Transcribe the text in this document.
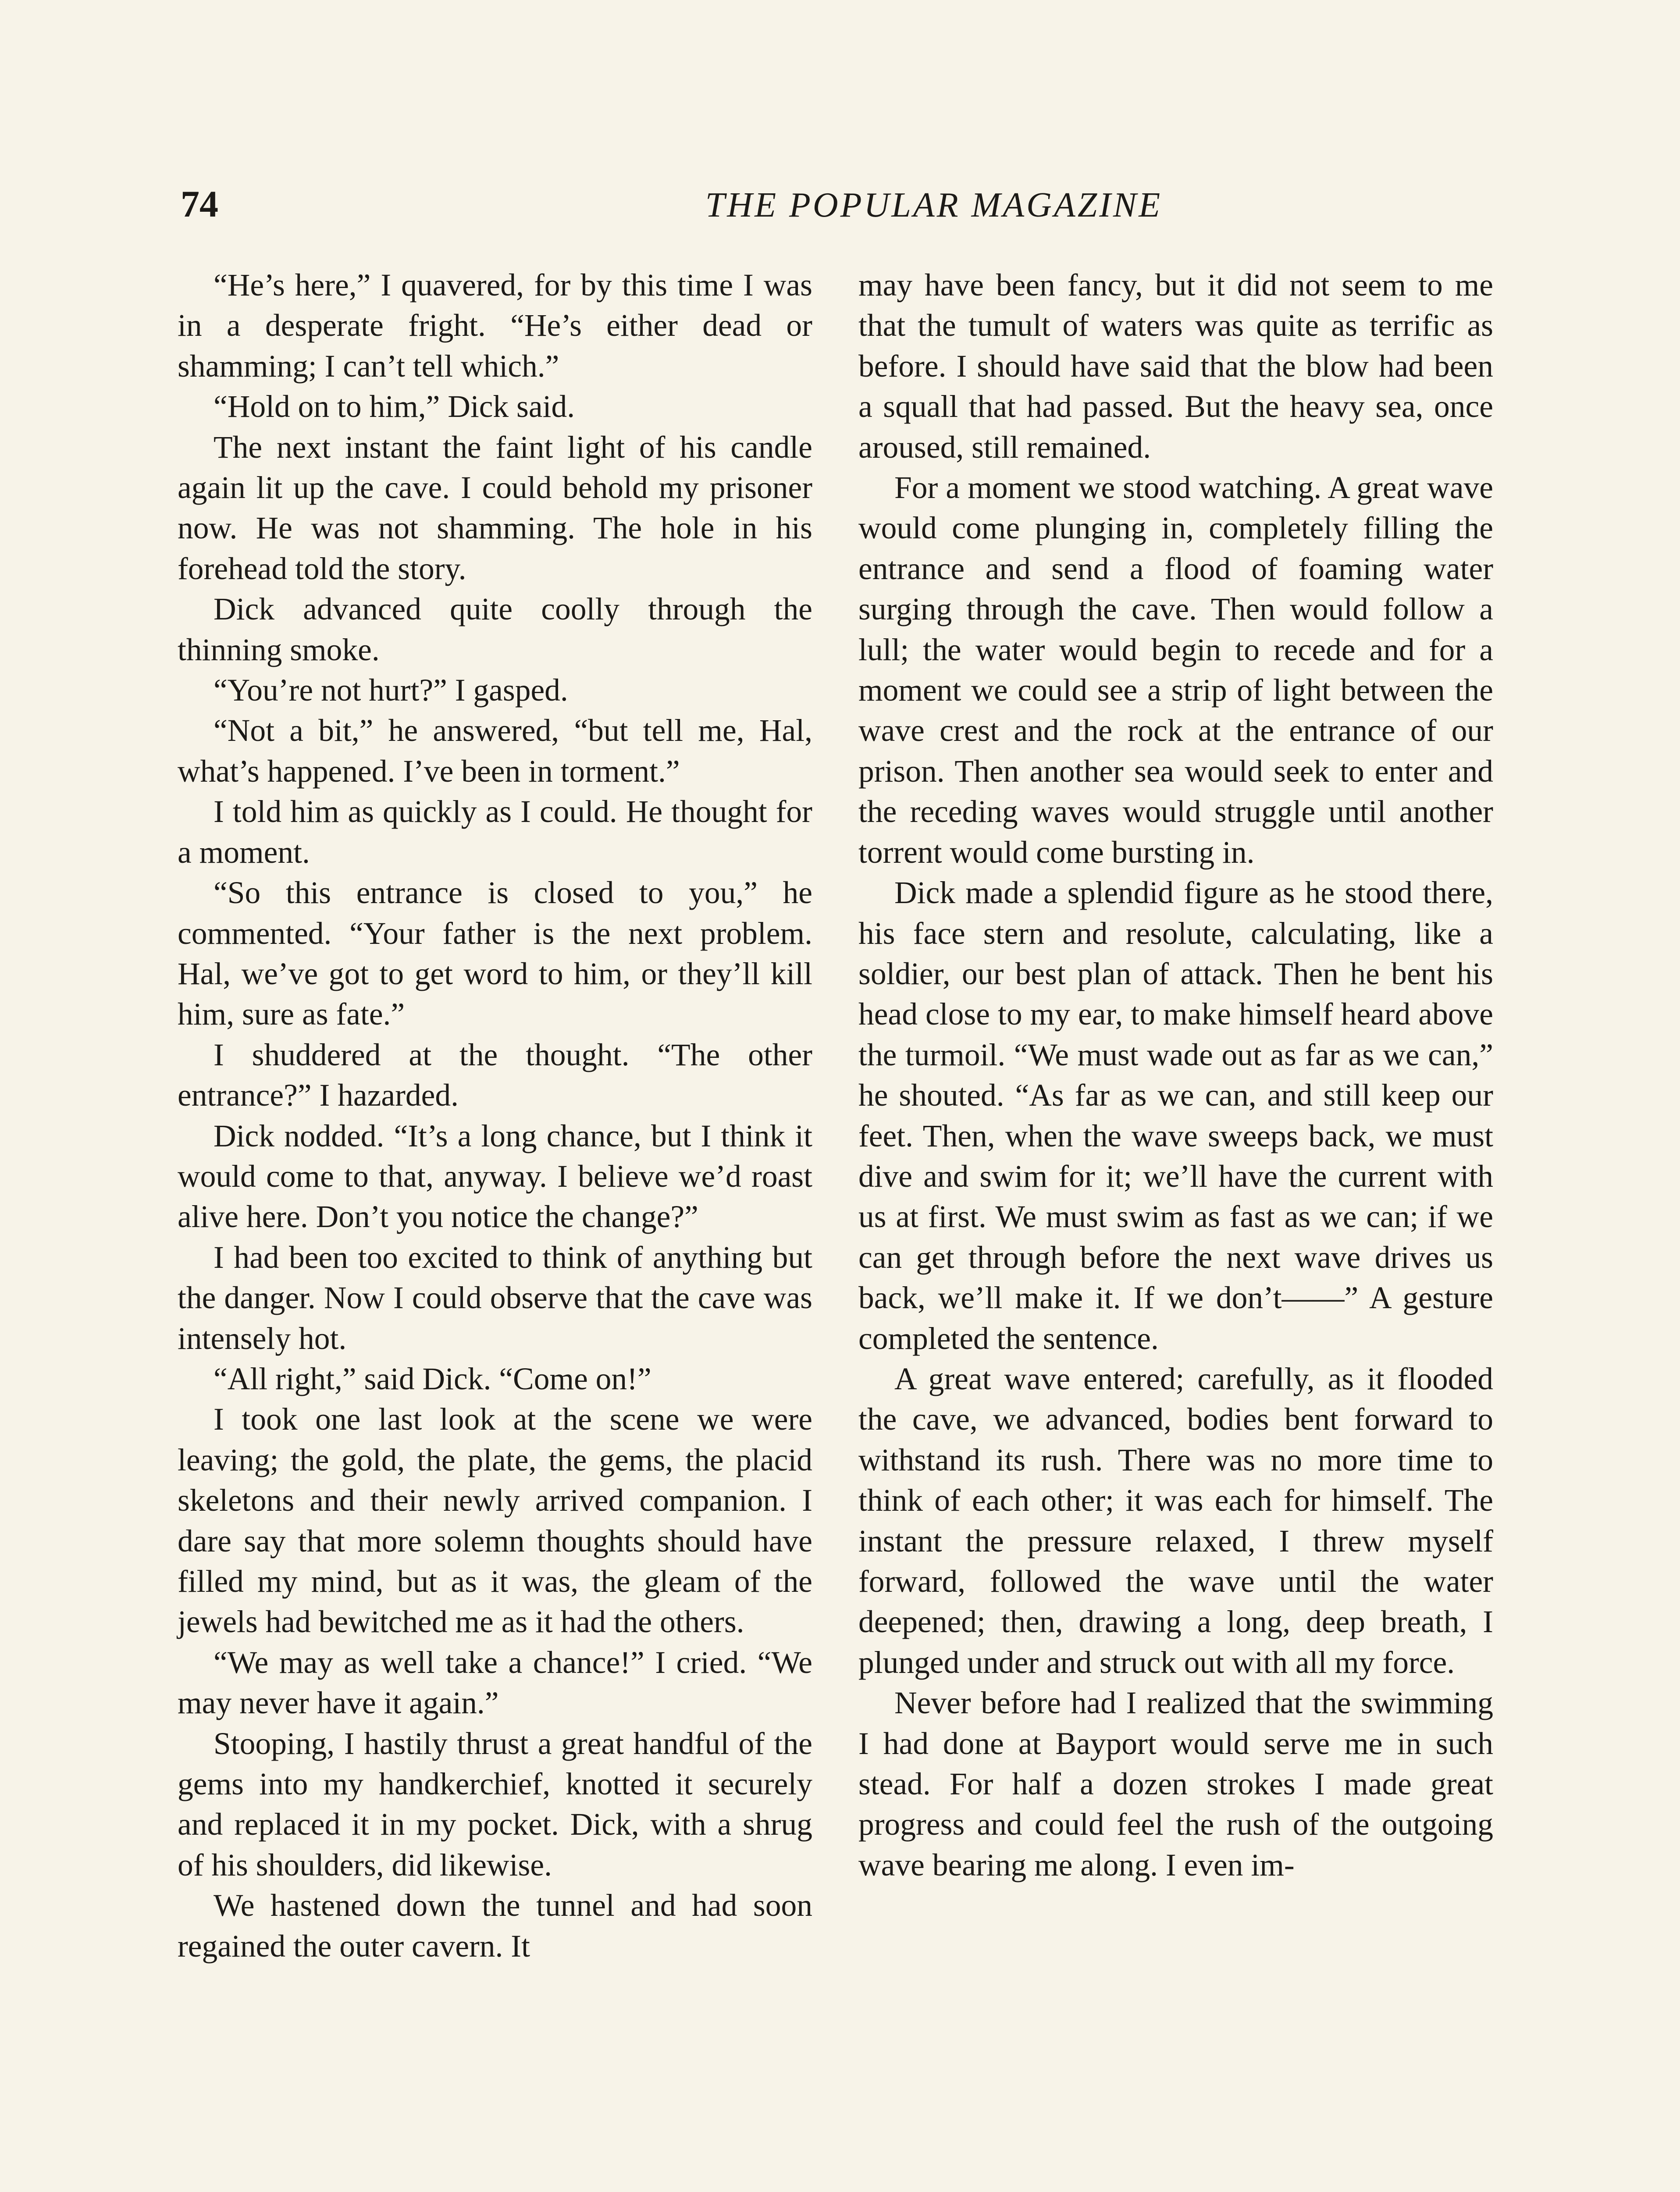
74	THE POPULAR MAGAZINE

“He’s here,” I quavered, for by this time I was in a desperate fright. “He’s either dead or shamming; I can’t tell which.”

“Hold on to him,” Dick said.

The next instant the faint light of his candle again lit up the cave. I could behold my prisoner now. He was not shamming. The hole in his forehead told the story.

Dick advanced quite coolly through the thinning smoke.

“You’re not hurt?” I gasped.

“Not a bit,” he answered, “but tell me, Hal, what’s happened. I’ve been in torment.”

I told him as quickly as I could. He thought for a moment.

“So this entrance is closed to you,” he commented. “Your father is the next problem. Hal, we’ve got to get word to him, or they’ll kill him, sure as fate.”

I shuddered at the thought. “The other entrance?” I hazarded.

Dick nodded. “It’s a long chance, but I think it would come to that, anyway. I believe we’d roast alive here. Don’t you notice the change?”

I had been too excited to think of anything but the danger. Now I could observe that the cave was intensely hot.

“All right,” said Dick. “Come on!”

I took one last look at the scene we were leaving; the gold, the plate, the gems, the placid skeletons and their newly arrived companion. I dare say that more solemn thoughts should have filled my mind, but as it was, the gleam of the jewels had bewitched me as it had the others.

“We may as well take a chance!” I cried. “We may never have it again.”

Stooping, I hastily thrust a great handful of the gems into my handkerchief, knotted it securely and replaced it in my pocket. Dick, with a shrug of his shoulders, did likewise.

We hastened down the tunnel and had soon regained the outer cavern. It

may have been fancy, but it did not seem to me that the tumult of waters was quite as terrific as before. I should have said that the blow had been a squall that had passed. But the heavy sea, once aroused, still remained.

For a moment we stood watching. A great wave would come plunging in, completely filling the entrance and send a flood of foaming water surging through the cave. Then would follow a lull; the water would begin to recede and for a moment we could see a strip of light between the wave crest and the rock at the entrance of our prison. Then another sea would seek to enter and the receding waves would struggle until another torrent would come bursting in.

Dick made a splendid figure as he stood there, his face stern and resolute, calculating, like a soldier, our best plan of attack. Then he bent his head close to my ear, to make himself heard above the turmoil. “We must wade out as far as we can,” he shouted. “As far as we can, and still keep our feet. Then, when the wave sweeps back, we must dive and swim for it; we’ll have the current with us at first. We must swim as fast as we can; if we can get through before the next wave drives us back, we’ll make it. If we don’t——” A gesture completed the sentence.

A great wave entered; carefully, as it flooded the cave, we advanced, bodies bent forward to withstand its rush. There was no more time to think of each other; it was each for himself. The instant the pressure relaxed, I threw myself forward, followed the wave until the water deepened; then, drawing a long, deep breath, I plunged under and struck out with all my force.

Never before had I realized that the swimming I had done at Bayport would serve me in such stead. For half a dozen strokes I made great progress and could feel the rush of the outgoing wave bearing me along. I even im-
